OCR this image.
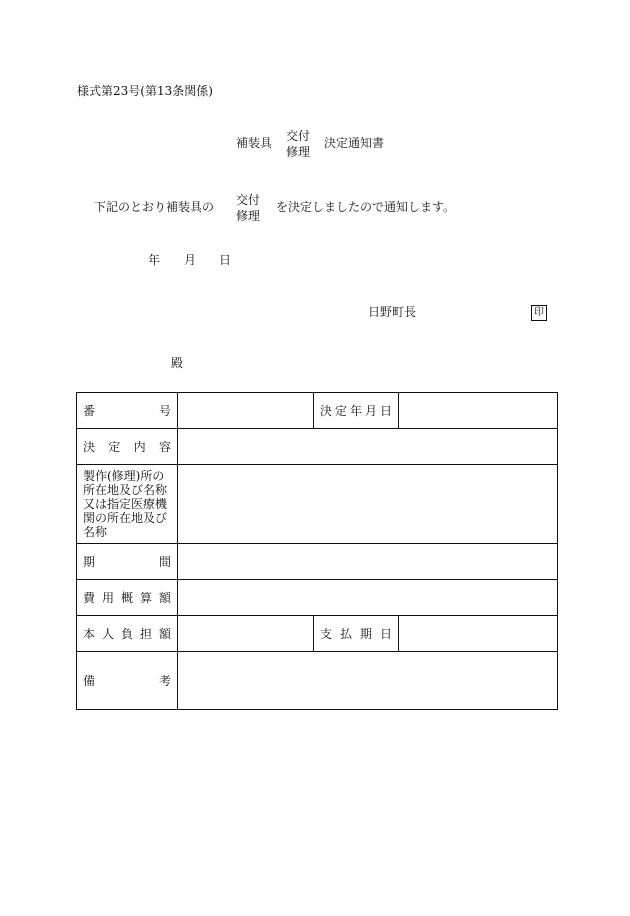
様式第23号(第13条関係)
補装具 交付
修理
決定通知書
下記のとおり補装具の 交付
修理
を決定しましたので通知します。
年 月 日
日野町長	印
殿
番　　　　　号		決定年月日	

決　定　内　容			

製作(修理)所の所在地及び名称又は指定医療機関の所在地及び名称			

期 間			

費用概算額			

本人負担額		支払期日	

備 考			
